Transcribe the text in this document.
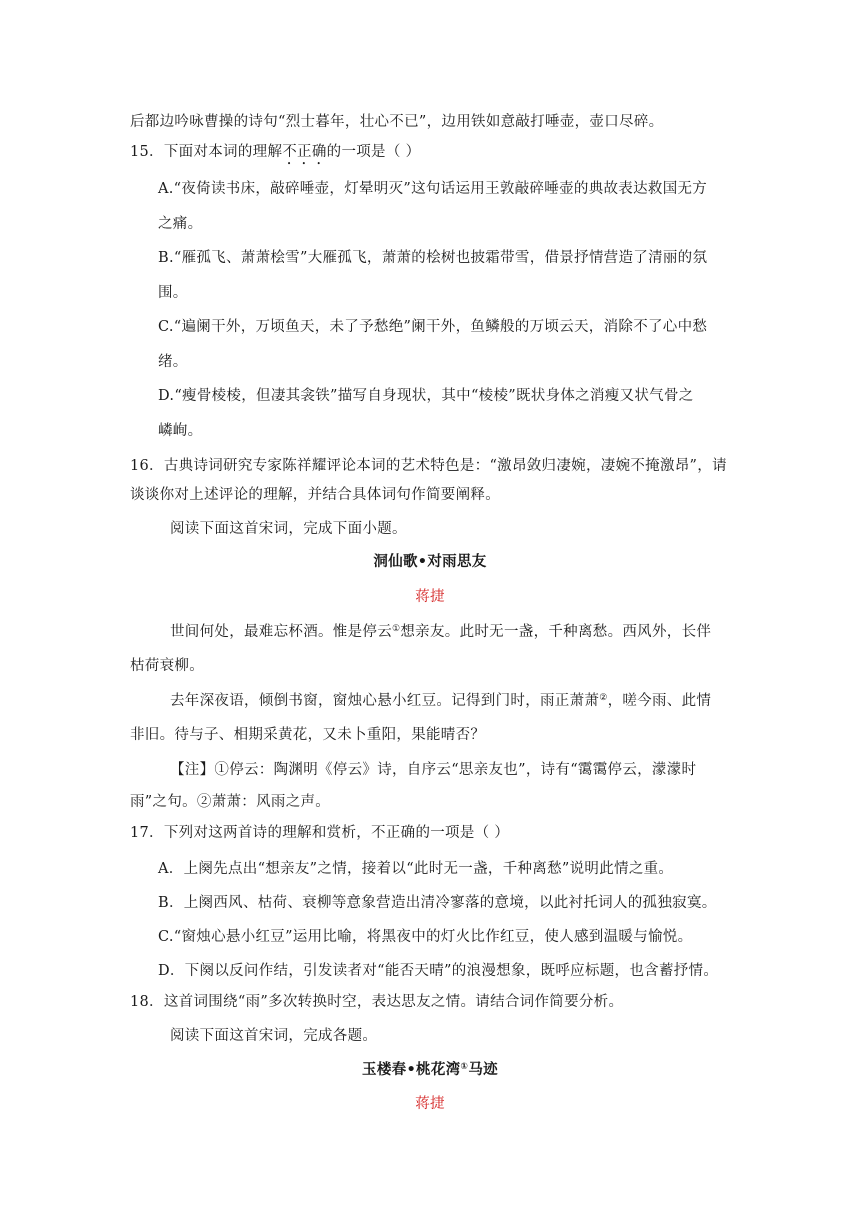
后都边吟咏曹操的诗句“烈士暮年，壮心不已”，边用铁如意敲打唾壶，壶口尽碎。
15．下面对本词的理解不正确的一项是（ ）
A.“夜倚读书床，敲碎唾壶，灯晕明灭”这句话运用王敦敲碎唾壶的典故表达救国无方
之痛。
B.“雁孤飞、萧萧桧雪”大雁孤飞，萧萧的桧树也披霜带雪，借景抒情营造了清丽的氛
围。
C.“遍阑干外，万顷鱼天，未了予愁绝”阑干外，鱼鳞般的万顷云天，消除不了心中愁
绪。
D.“瘦骨棱棱，但凄其衾铁”描写自身现状，其中“棱棱”既状身体之消瘦又状气骨之
嶙峋。
16．古典诗词研究专家陈祥耀评论本词的艺术特色是：“激昂敛归凄婉，凄婉不掩激昂”，请
谈谈你对上述评论的理解，并结合具体词句作简要阐释。
阅读下面这首宋词，完成下面小题。
洞仙歌•对雨思友
蒋捷
世间何处，最难忘杯酒。惟是停云①想亲友。此时无一盏，千种离愁。西风外，长伴
枯荷衰柳。
去年深夜语，倾倒书窗，窗烛心悬小红豆。记得到门时，雨正萧萧②，嗟今雨、此情
非旧。待与子、相期采黄花，又未卜重阳，果能晴否？
【注】①停云：陶渊明《停云》诗，自序云“思亲友也”，诗有“霭霭停云，濛濛时
雨”之句。②萧萧：风雨之声。
17．下列对这两首诗的理解和赏析，不正确的一项是（ ）
A．上阕先点出“想亲友”之情，接着以“此时无一盏，千种离愁”说明此情之重。
B．上阕西风、枯荷、衰柳等意象营造出清冷寥落的意境，以此衬托词人的孤独寂寞。
C.“窗烛心悬小红豆”运用比喻，将黑夜中的灯火比作红豆，使人感到温暖与愉悦。
D．下阕以反问作结，引发读者对“能否天晴”的浪漫想象，既呼应标题，也含蓄抒情。
18．这首词围绕“雨”多次转换时空，表达思友之情。请结合词作简要分析。
阅读下面这首宋词，完成各题。
玉楼春•桃花湾①马迹
蒋捷
